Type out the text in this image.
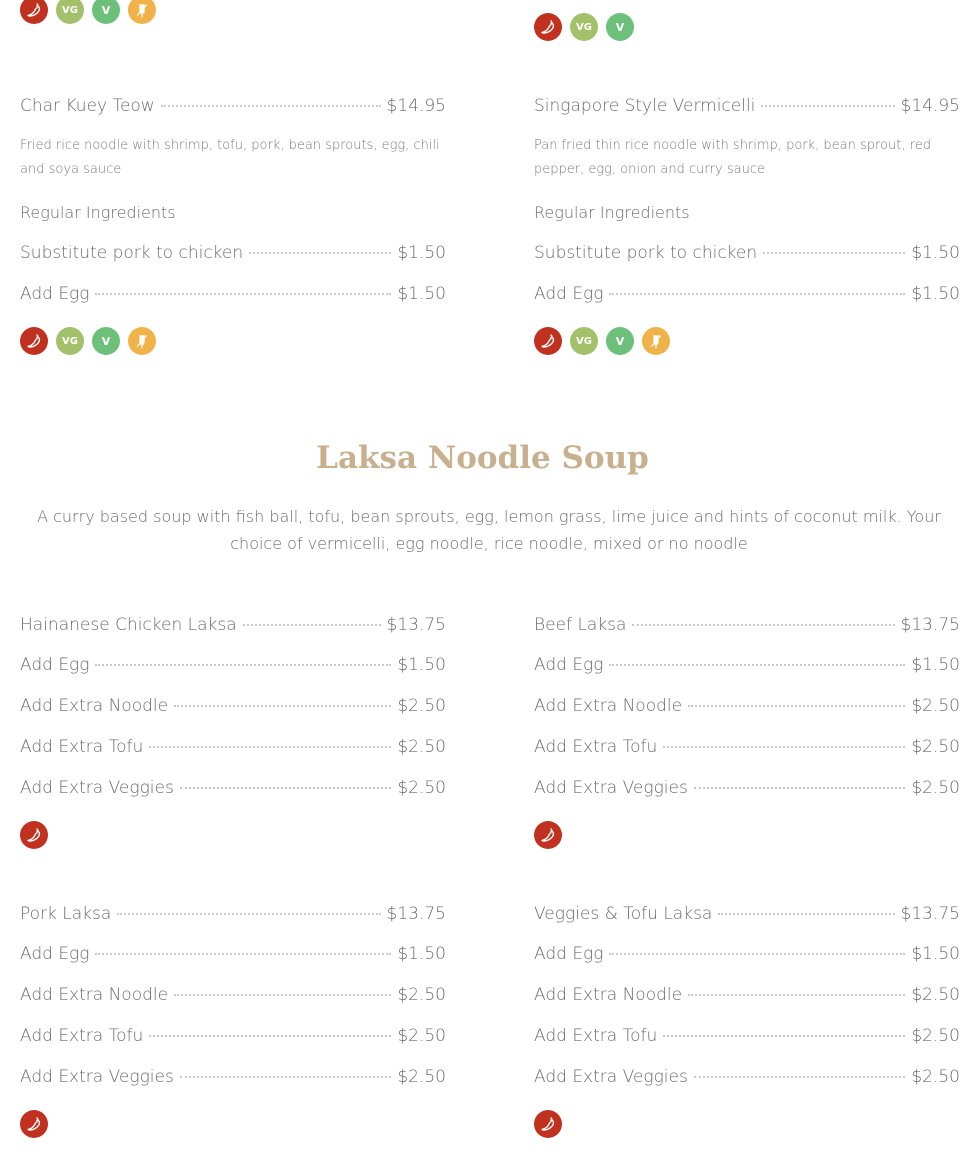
VG	V
VG	V
Char Kuey Teow	$14.95
Fried rice noodle with shrimp, tofu, pork, bean sprouts, egg, chili and soya sauce
Regular Ingredients
Substitute pork to chicken	$1.50
Add Egg	$1.50
VG	V
Singapore Style Vermicelli	$14.95
Pan fried thin rice noodle with shrimp, pork, bean sprout, red pepper, egg, onion and curry sauce
Regular Ingredients
Substitute pork to chicken	$1.50
Add Egg	$1.50
VG	V
Laksa Noodle Soup
A curry based soup with fish ball, tofu, bean sprouts, egg, lemon grass, lime juice and hints of coconut milk. Your choice of vermicelli, egg noodle, rice noodle, mixed or no noodle
Hainanese Chicken Laksa	$13.75
Add Egg	$1.50
Add Extra Noodle	$2.50
Add Extra Tofu	$2.50
Add Extra Veggies	$2.50
Beef Laksa	$13.75
Add Egg	$1.50
Add Extra Noodle	$2.50
Add Extra Tofu	$2.50
Add Extra Veggies	$2.50
Pork Laksa	$13.75
Add Egg	$1.50
Add Extra Noodle	$2.50
Add Extra Tofu	$2.50
Add Extra Veggies	$2.50
Veggies & Tofu Laksa	$13.75
Add Egg	$1.50
Add Extra Noodle	$2.50
Add Extra Tofu	$2.50
Add Extra Veggies	$2.50
